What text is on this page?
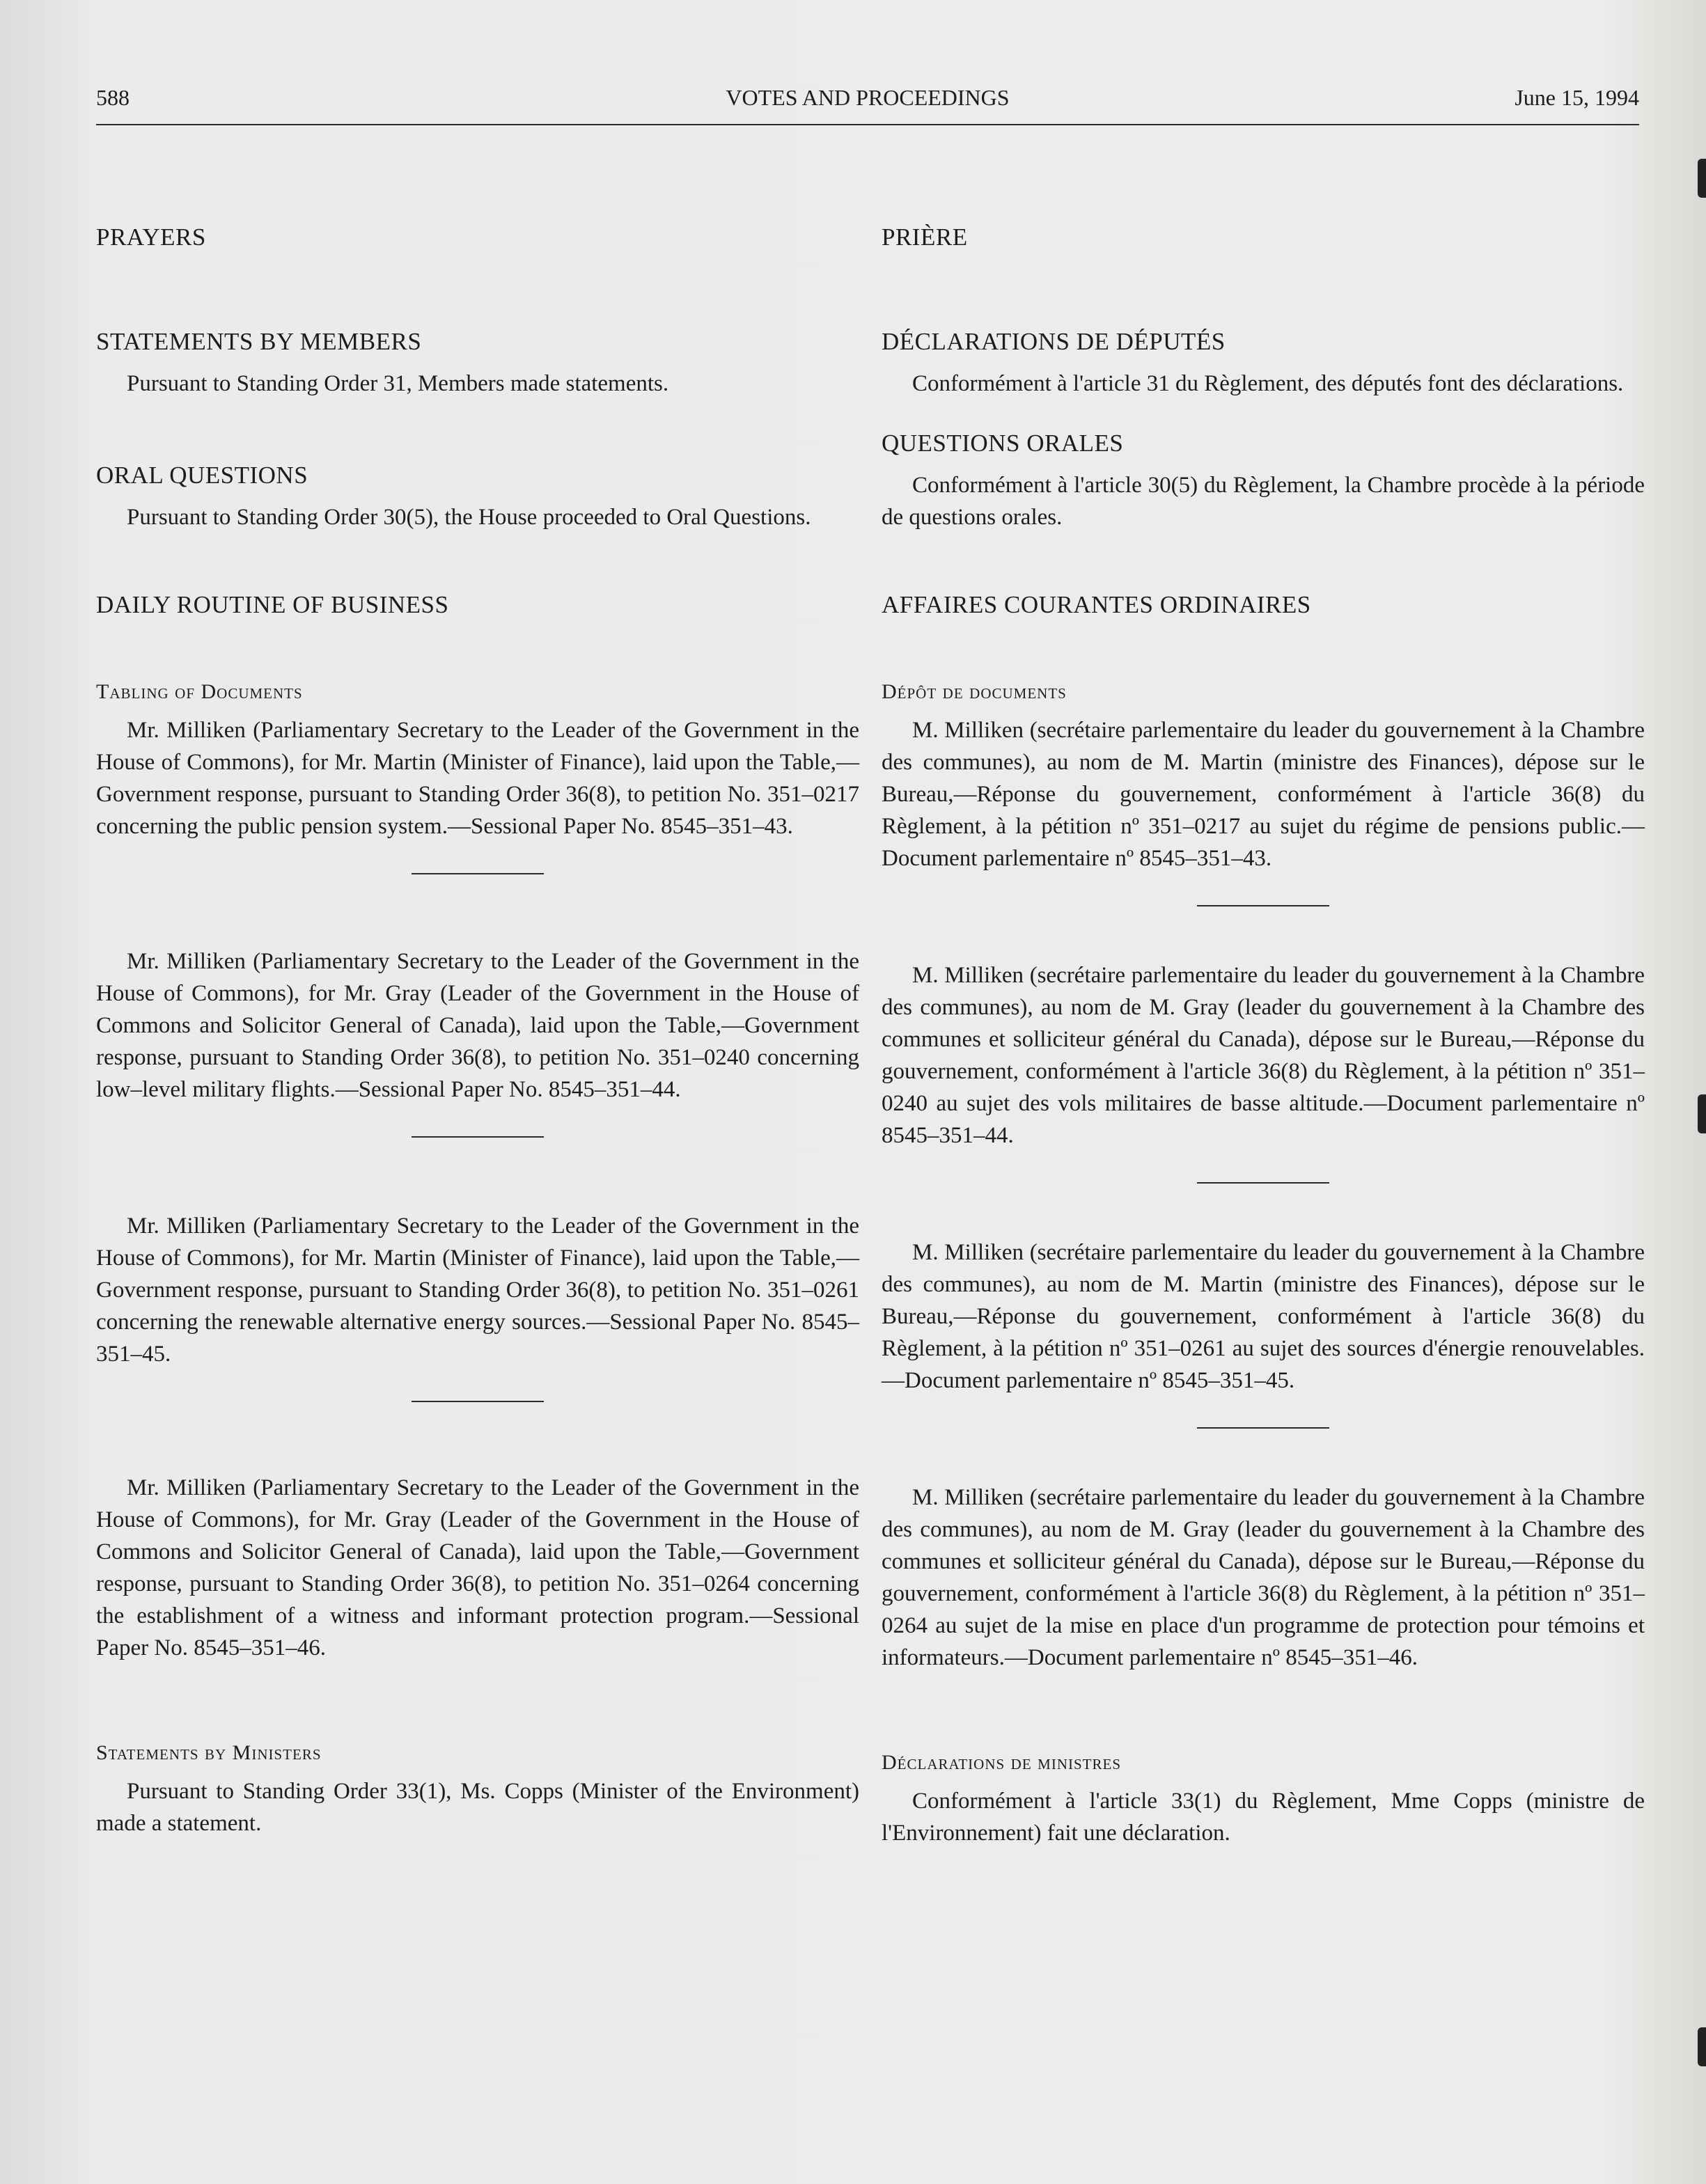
588	VOTES AND PROCEEDINGS	June 15, 1994
PRAYERS
STATEMENTS BY MEMBERS

Pursuant to Standing Order 31, Members made statements.

ORAL QUESTIONS

Pursuant to Standing Order 30(5), the House proceeded to Oral Questions.

DAILY ROUTINE OF BUSINESS
Tabling of Documents

Mr. Milliken (Parliamentary Secretary to the Leader of the Government in the House of Commons), for Mr. Martin (Minister of Finance), laid upon the Table,—Government response, pursuant to Standing Order 36(8), to petition No. 351–0217 concerning the public pension system.—Sessional Paper No. 8545–351–43.

Mr. Milliken (Parliamentary Secretary to the Leader of the Government in the House of Commons), for Mr. Gray (Leader of the Government in the House of Commons and Solicitor General of Canada), laid upon the Table,—Government response, pursuant to Standing Order 36(8), to petition No. 351–0240 concerning low–level military flights.—Sessional Paper No. 8545–351–44.

Mr. Milliken (Parliamentary Secretary to the Leader of the Government in the House of Commons), for Mr. Martin (Minister of Finance), laid upon the Table,—Government response, pursuant to Standing Order 36(8), to petition No. 351–0261 concerning the renewable alternative energy sources.—Sessional Paper No. 8545–351–45.

Mr. Milliken (Parliamentary Secretary to the Leader of the Government in the House of Commons), for Mr. Gray (Leader of the Government in the House of Commons and Solicitor General of Canada), laid upon the Table,—Government response, pursuant to Standing Order 36(8), to petition No. 351–0264 concerning the establishment of a witness and informant protection program.—Sessional Paper No. 8545–351–46.

Statements by Ministers

Pursuant to Standing Order 33(1), Ms. Copps (Minister of the Environment) made a statement.

PRIÈRE
DÉCLARATIONS DE DÉPUTÉS

Conformément à l'article 31 du Règlement, des députés font des déclarations.

QUESTIONS ORALES

Conformément à l'article 30(5) du Règlement, la Chambre procède à la période de questions orales.

AFFAIRES COURANTES ORDINAIRES
Dépôt de documents

M. Milliken (secrétaire parlementaire du leader du gouvernement à la Chambre des communes), au nom de M. Martin (ministre des Finances), dépose sur le Bureau,—Réponse du gouvernement, conformément à l'article 36(8) du Règlement, à la pétition nº 351–0217 au sujet du régime de pensions public.—Document parlementaire nº 8545–351–43.

M. Milliken (secrétaire parlementaire du leader du gouvernement à la Chambre des communes), au nom de M. Gray (leader du gouvernement à la Chambre des communes et solliciteur général du Canada), dépose sur le Bureau,—Réponse du gouvernement, conformément à l'article 36(8) du Règlement, à la pétition nº 351–0240 au sujet des vols militaires de basse altitude.—Document parlementaire nº 8545–351–44.

M. Milliken (secrétaire parlementaire du leader du gouvernement à la Chambre des communes), au nom de M. Martin (ministre des Finances), dépose sur le Bureau,—Réponse du gouvernement, conformément à l'article 36(8) du Règlement, à la pétition nº 351–0261 au sujet des sources d'énergie renouvelables.—Document parlementaire nº 8545–351–45.

M. Milliken (secrétaire parlementaire du leader du gouvernement à la Chambre des communes), au nom de M. Gray (leader du gouvernement à la Chambre des communes et solliciteur général du Canada), dépose sur le Bureau,—Réponse du gouvernement, conformément à l'article 36(8) du Règlement, à la pétition nº 351–0264 au sujet de la mise en place d'un programme de protection pour témoins et informateurs.—Document parlementaire nº 8545–351–46.

Déclarations de ministres

Conformément à l'article 33(1) du Règlement, Mme Copps (ministre de l'Environnement) fait une déclaration.
